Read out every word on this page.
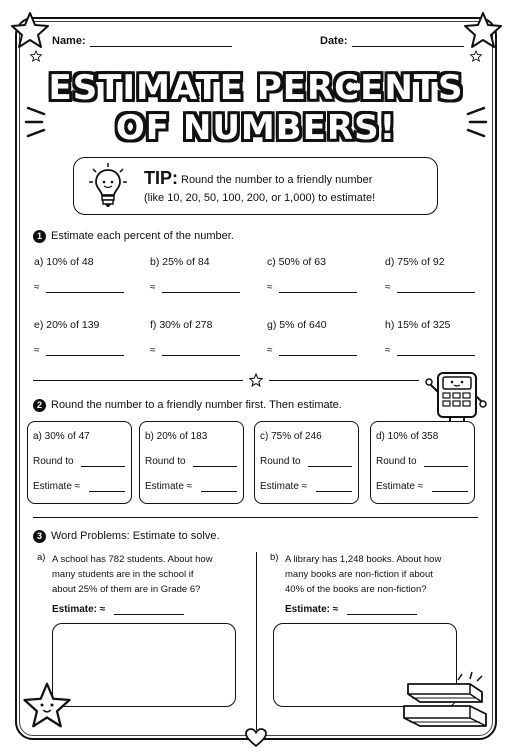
Name:	Date:
ESTIMATE PERCENTS
OF NUMBERS!
TIP: Round the number to a friendly number
(like 10, 20, 50, 100, 200, or 1,000) to estimate!
1 Estimate each percent of the number.
a) 10% of 48	b) 25% of 84	c) 50% of 63	d) 75% of 92
≈	≈	≈	≈
e) 20% of 139	f) 30% of 278	g) 5% of 640	h) 15% of 325
≈	≈	≈	≈
2 Round the number to a friendly number first. Then estimate.
a) 30% of 47
Round to
Estimate ≈
b) 20% of 183
Round to
Estimate ≈
c) 75% of 246
Round to
Estimate ≈
d) 10% of 358
Round to
Estimate ≈
3 Word Problems: Estimate to solve.
a) A school has 782 students. About how
many students are in the school if
about 25% of them are in Grade 6?
Estimate: ≈
b) A library has 1,248 books. About how
many books are non-fiction if about
40% of the books are non-fiction?
Estimate: ≈
